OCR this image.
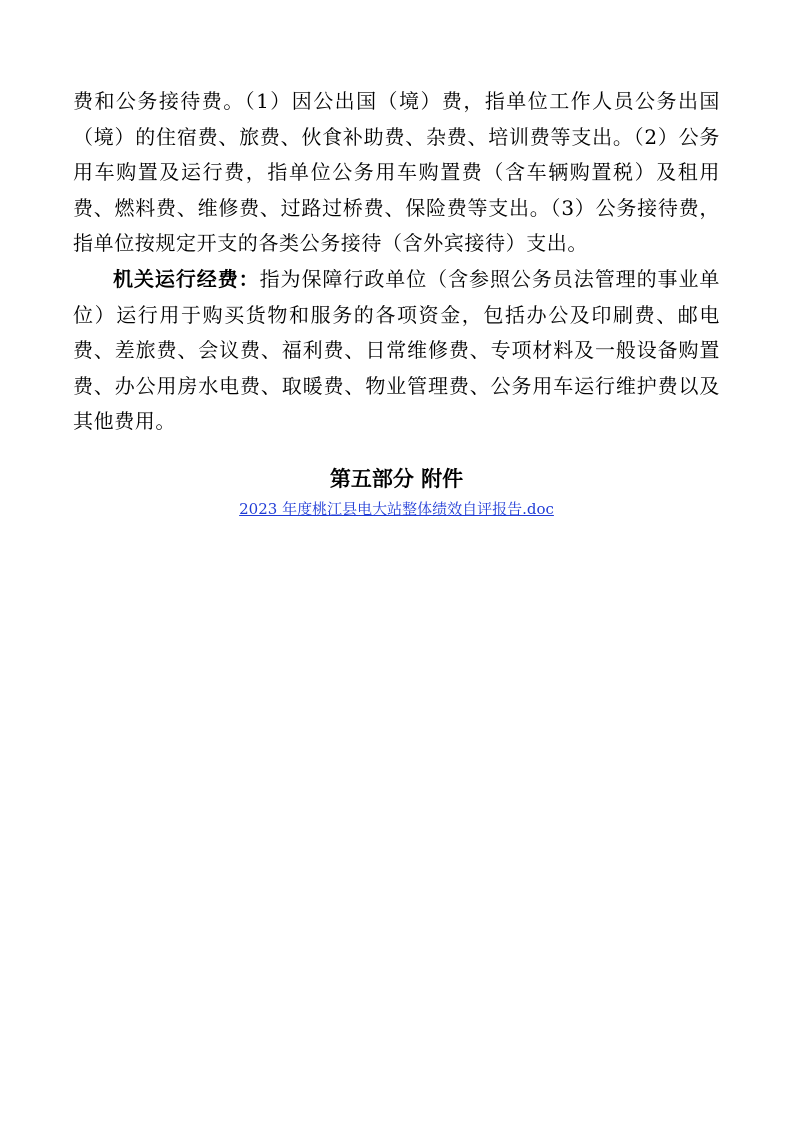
费和公务接待费。（1）因公出国（境）费，指单位工作人员公务出国（境）的住宿费、旅费、伙食补助费、杂费、培训费等支出。（2）公务用车购置及运行费，指单位公务用车购置费（含车辆购置税）及租用费、燃料费、维修费、过路过桥费、保险费等支出。（3）公务接待费，指单位按规定开支的各类公务接待（含外宾接待）支出。

机关运行经费：指为保障行政单位（含参照公务员法管理的事业单位）运行用于购买货物和服务的各项资金，包括办公及印刷费、邮电费、差旅费、会议费、福利费、日常维修费、专项材料及一般设备购置费、办公用房水电费、取暖费、物业管理费、公务用车运行维护费以及其他费用。

第五部分 附件
2023 年度桃江县电大站整体绩效自评报告.doc
